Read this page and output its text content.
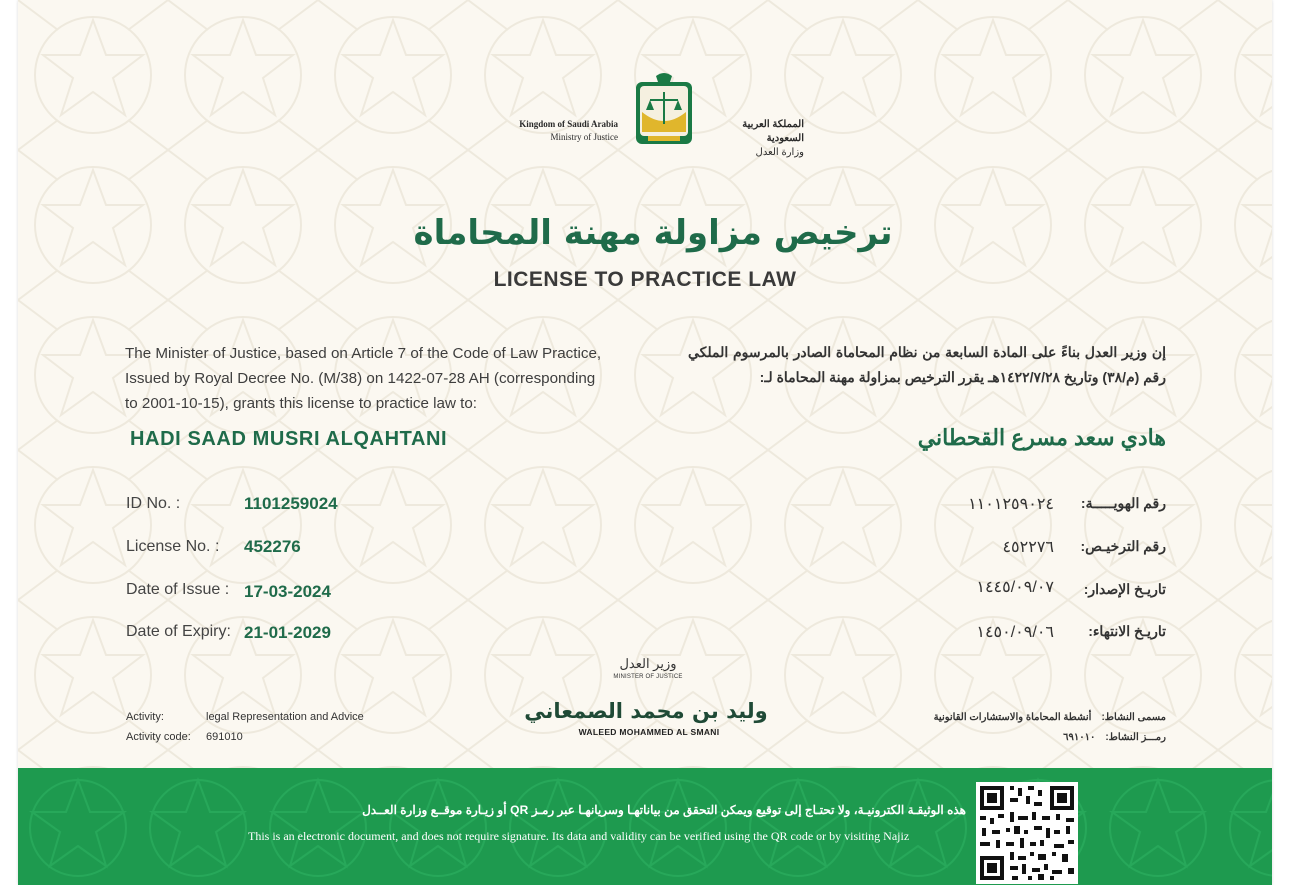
Kingdom of Saudi Arabia
Ministry of Justice
المملكة العربية السعودية
وزارة العدل
ترخيص مزاولة مهنة المحاماة
LICENSE TO PRACTICE LAW
The Minister of Justice, based on Article 7 of the Code of Law Practice,
Issued by Royal Decree No. (M/38) on 1422-07-28 AH (corresponding
to 2001-10-15), grants this license to practice law to:
إن وزير العدل بناءً على المادة السابعة من نظام المحاماة الصادر بالمرسوم الملكي رقم (م/٣٨) وتاريخ ١٤٢٢/٧/٢٨هـ يقرر الترخيص بمزاولة مهنة المحاماة لـ:
HADI SAAD MUSRI ALQAHTANI	هادي سعد مسرع القحطاني
ID No. :	1101259024
License No. : 452276
Date of Issue : 17-03-2024
Date of Expiry: 21-01-2029
رقم الهويـــــة:
١١٠١٢٥٩٠٢٤
رقم الترخيـص:
٤٥٢٢٧٦
تاريـخ الإصدار:
١٤٤٥/٠٩/٠٧
تاريـخ الانتهاء:
١٤٥٠/٠٩/٠٦
وزير العدل
MINISTER OF JUSTICE
وليد بن محمد الصمعاني
WALEED MOHAMMED AL SMANI
Activity:	legal Representation and Advice
Activity code: 691010
مسمى النشاط:أنشطة المحاماة والاستشارات القانونية
رمـــز النشاط:٦٩١٠١٠
هذه الوثيقـة الكترونيـة، ولا تحتـاج إلى توقيع ويمكن التحقق من بياناتهـا وسريانهـا عبر رمـز QR أو زيـارة موقــع وزارة العــدل
This is an electronic document, and does not require signature. Its data and validity can be verified using the QR code or by visiting Najiz
